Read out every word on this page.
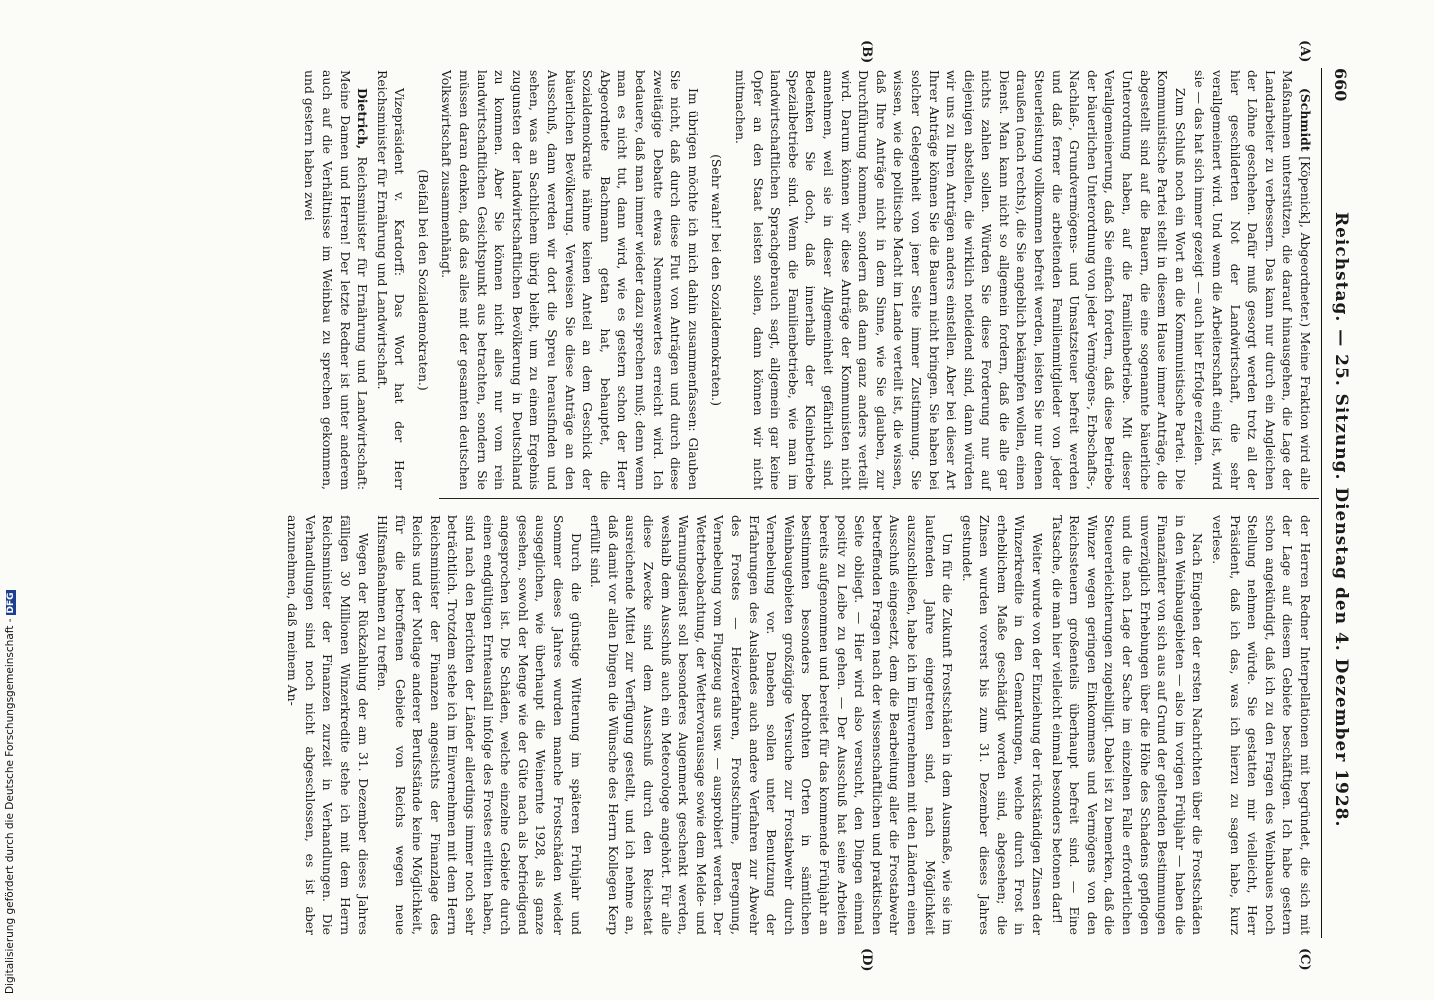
660
Reichstag. — 25. Sitzung. Dienstag den 4. Dezember 1928.
(A)
(B)
(C)
(D)

(Schmidt [Köpenick], Abgeordneter.) Meine Fraktion wird alle Maßnahmen unterstützen, die darauf hinausgehen, die Lage der Landarbeiter zu verbessern. Das kann nur durch ein Angleichen der Löhne geschehen. Dafür muß gesorgt werden trotz all der hier geschilderten Not der Landwirtschaft, die sehr verallgemeinert wird. Und wenn die Arbeiterschaft einig ist, wird sie — das hat sich immer gezeigt — auch hier Erfolge erzielen.

Zum Schluß noch ein Wort an die Kommunistische Partei. Die Kommunistische Partei stellt in diesem Hause immer Anträge, die abgestellt sind auf die Bauern, die eine sogenannte bäuerliche Unterordnung haben, auf die Familienbetriebe. Mit dieser Verallgemeinerung, daß Sie einfach fordern, daß diese Betriebe der bäuerlichen Unterordnung von jeder Vermögens-, Erbschafts-, Nachlaß-, Grundvermögens- und Umsatzsteuer befreit werden und daß ferner die arbeitenden Familienmitglieder von jeder Steuerleistung vollkommen befreit werden, leisten Sie nur denen draußen (nach rechts), die Sie angeblich bekämpfen wollen, einen Dienst. Man kann nicht so allgemein fordern, daß die alle gar nichts zahlen sollen. Würden Sie diese Forderung nur auf diejenigen abstellen, die wirklich notleidend sind, dann würden wir uns zu Ihren Anträgen anders einstellen. Aber bei dieser Art Ihrer Anträge können Sie die Bauern nicht bringen. Sie haben bei solcher Gelegenheit von jener Seite immer Zustimmung. Sie wissen, wie die politische Macht im Lande verteilt ist, die wissen, daß Ihre Anträge nicht in dem Sinne, wie Sie glauben, zur Durchführung kommen, sondern daß dann ganz anders verteilt wird. Darum können wir diese Anträge der Kommunisten nicht annehmen, weil sie in dieser Allgemeinheit gefährlich sind. Bedenken Sie doch, daß innerhalb der Kleinbetriebe Spezialbetriebe sind. Wenn die Familienbetriebe, wie man im landwirtschaftlichen Sprachgebrauch sagt, allgemein gar keine Opfer an den Staat leisten sollen, dann können wir nicht mitmachen.

(Sehr wahr! bei den Sozialdemokraten.)

Im übrigen möchte ich mich dahin zusammenfassen: Glauben Sie nicht, daß durch diese Flut von Anträgen und durch diese zweitägige Debatte etwas Nennenswertes erreicht wird. Ich bedauere, daß man immer wieder dazu sprechen muß; denn wenn man es nicht tut, dann wird, wie es gestern schon der Herr Abgeordnete Bachmann getan hat, behauptet, die Sozialdemokratie nähme keinen Anteil an dem Geschick der bäuerlichen Bevölkerung. Verweisen Sie diese Anträge an den Ausschuß, dann werden wir dort die Spreu herausfinden und sehen, was an Sachlichem übrig bleibt, um zu einem Ergebnis zugunsten der landwirtschaftlichen Bevölkerung in Deutschland zu kommen. Aber Sie können nicht alles nur vom rein landwirtschaftlichen Gesichtspunkt aus betrachten, sondern Sie müssen daran denken, daß das alles mit der gesamten deutschen Volkswirtschaft zusammenhängt.

(Beifall bei den Sozialdemokraten.)

Vizepräsident v. Kardorff: Das Wort hat der Herr Reichsminister für Ernährung und Landwirtschaft.

Dietrich, Reichsminister für Ernährung und Landwirtschaft: Meine Damen und Herren! Der letzte Redner ist unter anderem auch auf die Verhältnisse im Weinbau zu sprechen gekommen, und gestern haben zwei

der Herren Redner Interpellationen mit begründet, die sich mit der Lage auf diesem Gebiete beschäftigen. Ich habe gestern schon angekündigt, daß ich zu den Fragen des Weinbaues noch Stellung nehmen würde. Sie gestatten mir vielleicht, Herr Präsident, daß ich das, was ich hierzu zu sagen habe, kurz verlese.

Nach Eingehen der ersten Nachrichten über die Frostschäden in den Weinbaugebieten — also im vorigen Frühjahr — haben die Finanzämter von sich aus auf Grund der geltenden Bestimmungen unverzüglich Erhebungen über die Höhe des Schadens gepflogen und die nach Lage der Sache im einzelnen Falle erforderlichen Steuererleichterungen zugebilligt. Dabei ist zu bemerken, daß die Winzer wegen geringen Einkommens und Vermögens von den Reichssteuern großenteils überhaupt befreit sind. — Eine Tatsache, die man hier vielleicht einmal besonders betonen darf!

Weiter wurde von der Einziehung der rückständigen Zinsen der Winzerkredite in den Gemarkungen, welche durch Frost in erheblichem Maße geschädigt worden sind, abgesehen; die Zinsen wurden vorerst bis zum 31. Dezember dieses Jahres gestundet.

Um für die Zukunft Frostschäden in dem Ausmaße, wie sie im laufenden Jahre eingetreten sind, nach Möglichkeit auszuschließen, habe ich im Einvernehmen mit den Ländern einen Ausschuß eingesetzt, dem die Bearbeitung aller die Frostabwehr betreffenden Fragen nach der wissenschaftlichen und praktischen Seite obliegt. — Hier wird also versucht, den Dingen einmal positiv zu Leibe zu gehen. — Der Ausschuß hat seine Arbeiten bereits aufgenommen und bereitet für das kommende Frühjahr an bestimmten besonders bedrohten Orten in sämtlichen Weinbaugebieten großzügige Versuche zur Frostabwehr durch Vernebelung vor. Daneben sollen unter Benutzung der Erfahrungen des Auslandes auch andere Verfahren zur Abwehr des Frostes — Heizverfahren, Frostschirme, Beregnung, Vernebelung vom Flugzeug aus usw. — ausprobiert werden. Der Wetterbeobachtung, der Wettervoraussage sowie dem Melde- und Warnungsdienst soll besonderes Augenmerk geschenkt werden, weshalb dem Ausschuß auch ein Meteorologe angehört. Für alle diese Zwecke sind dem Ausschuß durch den Reichsetat ausreichende Mittel zur Verfügung gestellt, und ich nehme an, daß damit vor allen Dingen die Wünsche des Herrn Kollegen Kerp erfüllt sind.

Durch die günstige Witterung im späteren Frühjahr und Sommer dieses Jahres wurden manche Frostschäden wieder ausgeglichen, wie überhaupt die Weinernte 1928, als ganze gesehen, sowohl der Menge wie der Güte nach als befriedigend angesprochen ist. Die Schäden, welche einzelne Gebiete durch einen endgültigen Ernteausfall infolge des Frostes erlitten haben, sind nach den Berichten der Länder allerdings immer noch sehr beträchtlich. Trotzdem stehe ich im Einvernehmen mit dem Herrn Reichsminister der Finanzen angesichts der Finanzlage des Reichs und der Notlage anderer Berufsstände keine Möglichkeit, für die betroffenen Gebiete von Reichs wegen neue Hilfsmaßnahmen zu treffen.

Wegen der Rückzahlung der am 31. Dezember dieses Jahres fälligen 30 Millionen Winzerkredite stehe ich mit dem Herrn Reichsminister der Finanzen zurzeit in Verhandlungen. Die Verhandlungen sind noch nicht abgeschlossen, es ist aber anzunehmen, daß meinem An-

Digitalisierung gefördert durch die Deutsche Forschungsgemeinschaft -DFG
